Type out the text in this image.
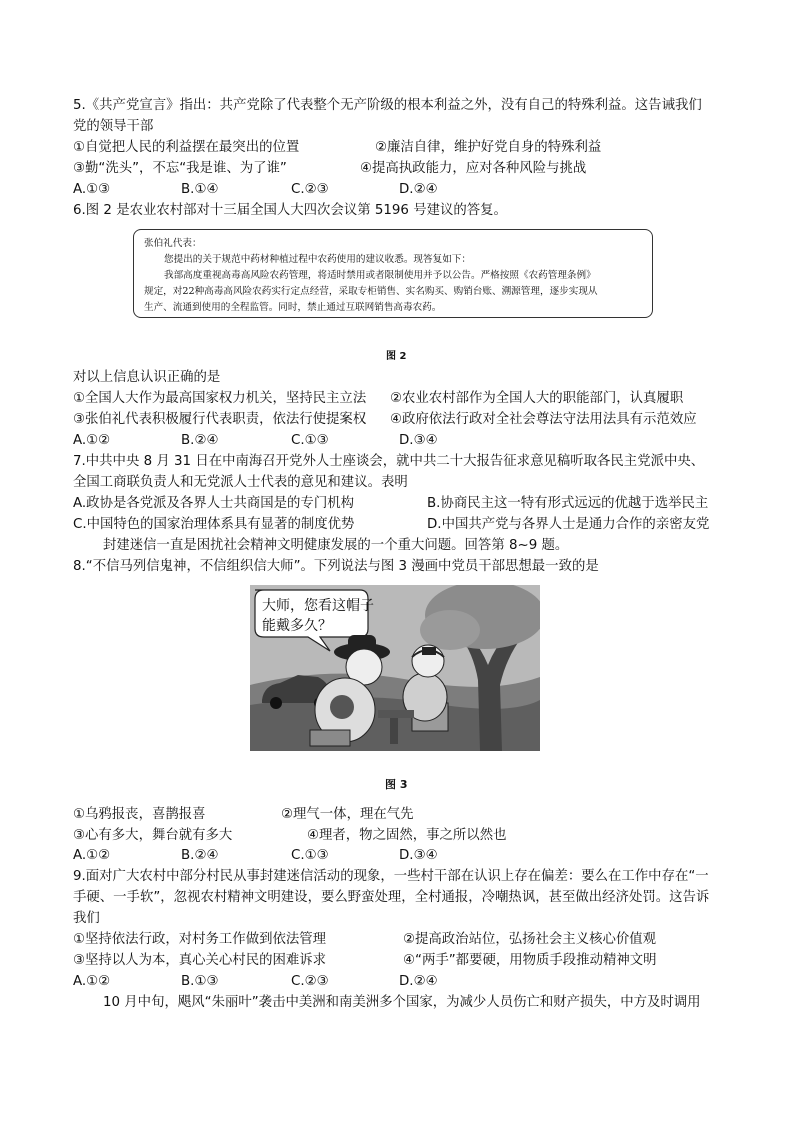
5.《共产党宣言》指出：共产党除了代表整个无产阶级的根本利益之外，没有自己的特殊利益。这告诫我们
党的领导干部
①自觉把人民的利益摆在最突出的位置	②廉洁自律，维护好党自身的特殊利益
③勤“洗头”，不忘“我是谁、为了谁”	④提高执政能力，应对各种风险与挑战
A.①③	B.①④	C.②③	D.②④
6.图 2 是农业农村部对十三届全国人大四次会议第 5196 号建议的答复。
张伯礼代表：
您提出的关于规范中药材种植过程中农药使用的建议收悉。现答复如下：
我部高度重视高毒高风险农药管理，将适时禁用或者限制使用并予以公告。严格按照《农药管理条例》
规定，对22种高毒高风险农药实行定点经营，采取专柜销售、实名购买、购销台账、溯源管理，逐步实现从
生产、流通到使用的全程监管。同时，禁止通过互联网销售高毒农药。
图 2
对以上信息认识正确的是
①全国人大作为最高国家权力机关，坚持民主立法 ②农业农村部作为全国人大的职能部门，认真履职
③张伯礼代表积极履行代表职责，依法行使提案权 ④政府依法行政对全社会尊法守法用法具有示范效应
A.①②	B.②④	C.①③	D.③④
7.中共中央 8 月 31 日在中南海召开党外人士座谈会，就中共二十大报告征求意见稿听取各民主党派中央、
全国工商联负责人和无党派人士代表的意见和建议。表明
A.政协是各党派及各界人士共商国是的专门机构	B.协商民主这一特有形式远远的优越于选举民主
C.中国特色的国家治理体系具有显著的制度优势	D.中国共产党与各界人士是通力合作的亲密友党
封建迷信一直是困扰社会精神文明健康发展的一个重大问题。回答第 8~9 题。
8.“不信马列信鬼神，不信组织信大师”。下列说法与图 3 漫画中党员干部思想最一致的是
大师，您看这帽子
能戴多久？
图 3
①乌鸦报丧，喜鹊报喜	②理气一体，理在气先
③心有多大，舞台就有多大	④理者，物之固然，事之所以然也
A.①②	B.②④	C.①③	D.③④
9.面对广大农村中部分村民从事封建迷信活动的现象，一些村干部在认识上存在偏差：要么在工作中存在“一
手硬、一手软”，忽视农村精神文明建设，要么野蛮处理，全村通报，冷嘲热讽，甚至做出经济处罚。这告诉
我们
①坚持依法行政，对村务工作做到依法管理	②提高政治站位，弘扬社会主义核心价值观
③坚持以人为本，真心关心村民的困难诉求	④“两手”都要硬，用物质手段推动精神文明
A.①②	B.①③	C.②③	D.②④
10 月中旬，飓风“朱丽叶”袭击中美洲和南美洲多个国家，为减少人员伤亡和财产损失，中方及时调用
